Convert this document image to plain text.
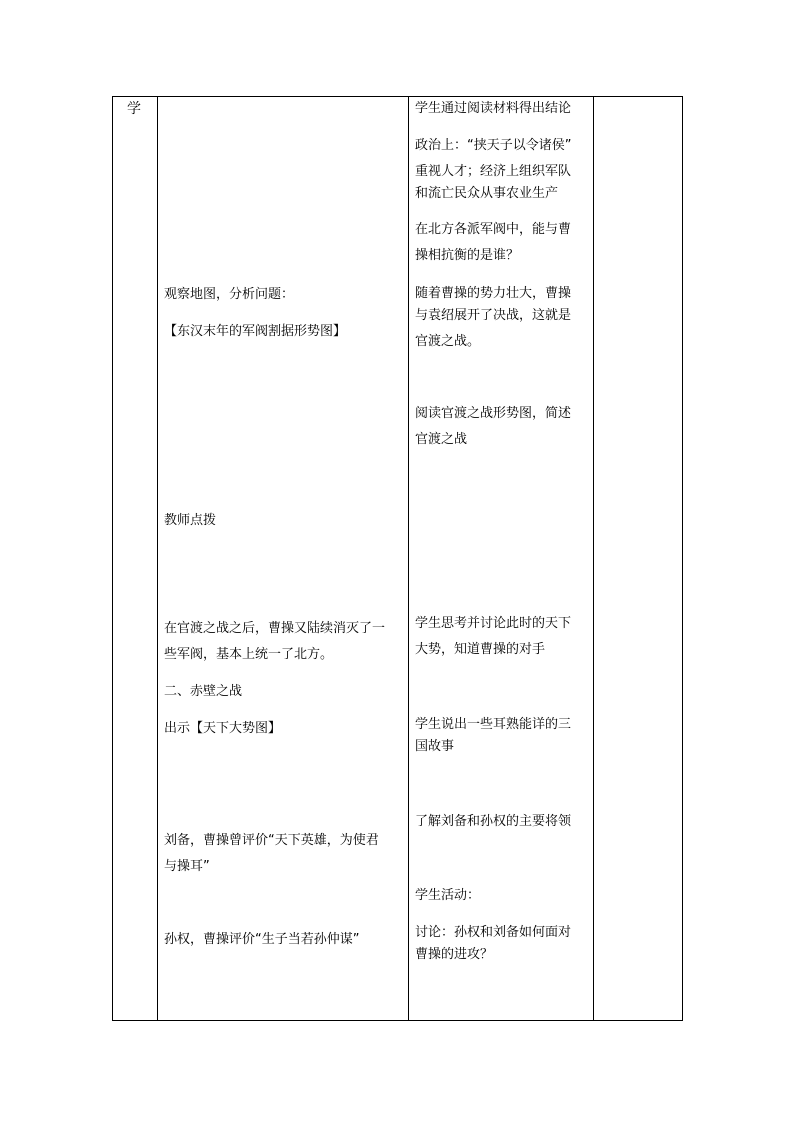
学

观察地图，分析问题：
【东汉末年的军阀割据形势图】
教师点拨
在官渡之战之后，曹操又陆续消灭了一
些军阀，基本上统一了北方。
二、赤壁之战
出示【天下大势图】
刘备，曹操曾评价“天下英雄，为使君
与操耳”
孙权，曹操评价“生子当若孙仲谋”

学生通过阅读材料得出结论
政治上：“挟天子以令诸侯”
重视人才；经济上组织军队
和流亡民众从事农业生产
在北方各派军阀中，能与曹
操相抗衡的是谁？
随着曹操的势力壮大，曹操
与袁绍展开了决战，这就是
官渡之战。
阅读官渡之战形势图，简述
官渡之战
学生思考并讨论此时的天下
大势，知道曹操的对手
学生说出一些耳熟能详的三
国故事
了解刘备和孙权的主要将领
学生活动：
讨论：孙权和刘备如何面对
曹操的进攻？
